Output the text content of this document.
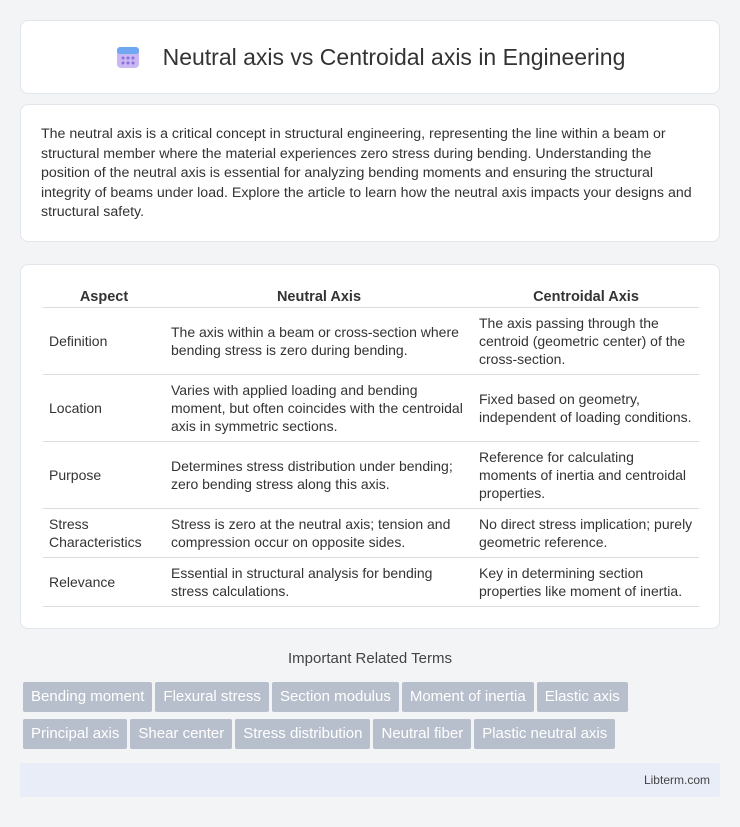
Neutral axis vs Centroidal axis in Engineering

The neutral axis is a critical concept in structural engineering, representing the line within a beam or structural member where the material experiences zero stress during bending. Understanding the position of the neutral axis is essential for analyzing bending moments and ensuring the structural integrity of beams under load. Explore the article to learn how the neutral axis impacts your designs and structural safety.

Aspect	Neutral Axis	Centroidal Axis
Definition	The axis within a beam or cross-section where bending stress is zero during bending.	The axis passing through the centroid (geometric center) of the cross-section.
Location	Varies with applied loading and bending moment, but often coincides with the centroidal axis in symmetric sections.	Fixed based on geometry, independent of loading conditions.
Purpose	Determines stress distribution under bending; zero bending stress along this axis.	Reference for calculating moments of inertia and centroidal properties.
Stress Characteristics	Stress is zero at the neutral axis; tension and compression occur on opposite sides.	No direct stress implication; purely geometric reference.
Relevance	Essential in structural analysis for bending stress calculations.	Key in determining section properties like moment of inertia.
Important Related Terms
Bending moment Flexural stress Section modulus Moment of inertia Elastic axis
Principal axis Shear center Stress distribution Neutral fiber Plastic neutral axis
Libterm.com
